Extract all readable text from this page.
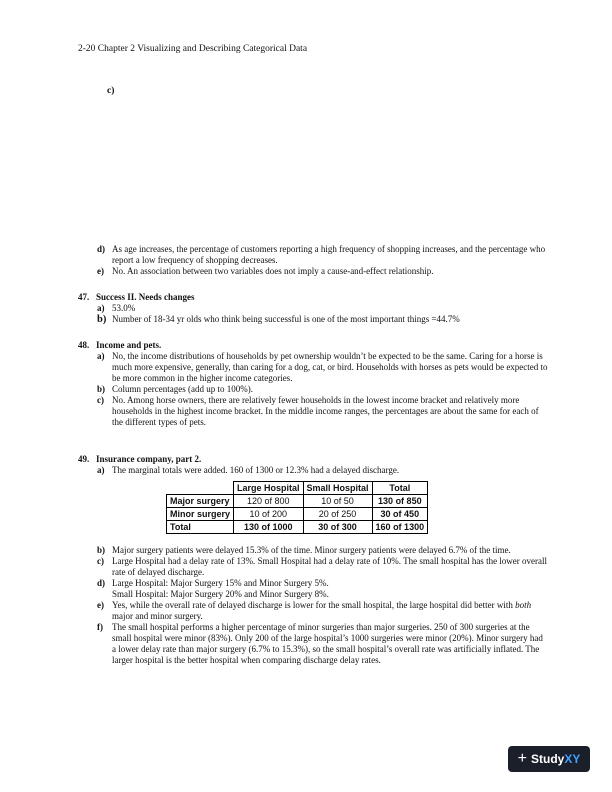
2-20 Chapter 2 Visualizing and Describing Categorical Data
c)
d) As age increases, the percentage of customers reporting a high frequency of shopping increases, and the percentage who report a low frequency of shopping decreases.
e) No. An association between two variables does not imply a cause-and-effect relationship.
47. Success II. Needs changes
a) 53.0%
b) Number of 18-34 yr olds who think being successful is one of the most important things =44.7%
48. Income and pets.
a) No, the income distributions of households by pet ownership wouldn’t be expected to be the same. Caring for a horse is much more expensive, generally, than caring for a dog, cat, or bird. Households with horses as pets would be expected to be more common in the higher income categories.
b) Column percentages (add up to 100%).
c) No. Among horse owners, there are relatively fewer households in the lowest income bracket and relatively more households in the highest income bracket. In the middle income ranges, the percentages are about the same for each of the different types of pets.
49. Insurance company, part 2.
a) The marginal totals were added. 160 of 1300 or 12.3% had a delayed discharge.
	Large Hospital	Small Hospital	Total
Major surgery	120 of 800	10 of 50	130 of 850
Minor surgery	10 of 200	20 of 250	30 of 450
Total	130 of 1000	30 of 300	160 of 1300
b) Major surgery patients were delayed 15.3% of the time. Minor surgery patients were delayed 6.7% of the time.
c) Large Hospital had a delay rate of 13%. Small Hospital had a delay rate of 10%. The small hospital has the lower overall rate of delayed discharge.
d) Large Hospital: Major Surgery 15% and Minor Surgery 5%.
Small Hospital: Major Surgery 20% and Minor Surgery 8%.
e) Yes, while the overall rate of delayed discharge is lower for the small hospital, the large hospital did better with both major and minor surgery.
f) The small hospital performs a higher percentage of minor surgeries than major surgeries. 250 of 300 surgeries at the small hospital were minor (83%). Only 200 of the large hospital’s 1000 surgeries were minor (20%). Minor surgery had a lower delay rate than major surgery (6.7% to 15.3%), so the small hospital’s overall rate was artificially inflated. The larger hospital is the better hospital when comparing discharge delay rates.
+ Study XY
